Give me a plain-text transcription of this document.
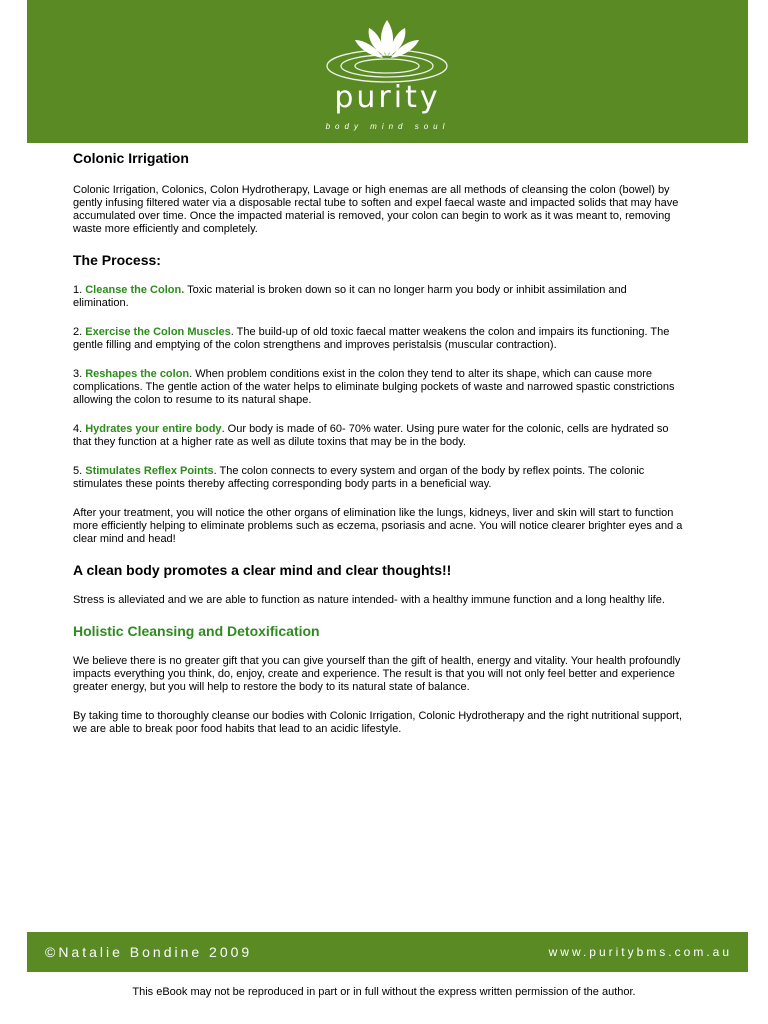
purity
body mind soul
Colonic Irrigation

Colonic Irrigation, Colonics, Colon Hydrotherapy, Lavage or high enemas are all methods of cleansing the colon (bowel) by gently infusing filtered water via a disposable rectal tube to soften and expel faecal waste and impacted solids that may have accumulated over time. Once the impacted material is removed, your colon can begin to work as it was meant to, removing waste more efficiently and completely.

The Process:

1. Cleanse the Colon. Toxic material is broken down so it can no longer harm you body or inhibit assimilation and elimination.

2. Exercise the Colon Muscles. The build-up of old toxic faecal matter weakens the colon and impairs its functioning. The gentle filling and emptying of the colon strengthens and improves peristalsis (muscular contraction).

3. Reshapes the colon. When problem conditions exist in the colon they tend to alter its shape, which can cause more complications. The gentle action of the water helps to eliminate bulging pockets of waste and narrowed spastic constrictions allowing the colon to resume to its natural shape.

4. Hydrates your entire body. Our body is made of 60- 70% water. Using pure water for the colonic, cells are hydrated so that they function at a higher rate as well as dilute toxins that may be in the body.

5. Stimulates Reflex Points. The colon connects to every system and organ of the body by reflex points. The colonic stimulates these points thereby affecting corresponding body parts in a beneficial way.

After your treatment, you will notice the other organs of elimination like the lungs, kidneys, liver and skin will start to function more efficiently helping to eliminate problems such as eczema, psoriasis and acne. You will notice clearer brighter eyes and a clear mind and head!

A clean body promotes a clear mind and clear thoughts!!

Stress is alleviated and we are able to function as nature intended- with a healthy immune function and a long healthy life.

Holistic Cleansing and Detoxification

We believe there is no greater gift that you can give yourself than the gift of health, energy and vitality. Your health profoundly impacts everything you think, do, enjoy, create and experience. The result is that you will not only feel better and experience greater energy, but you will help to restore the body to its natural state of balance.

By taking time to thoroughly cleanse our bodies with Colonic Irrigation, Colonic Hydrotherapy and the right nutritional support, we are able to break poor food habits that lead to an acidic lifestyle.

©Natalie Bondine 2009	www.puritybms.com.au
This eBook may not be reproduced in part or in full without the express written permission of the author.
